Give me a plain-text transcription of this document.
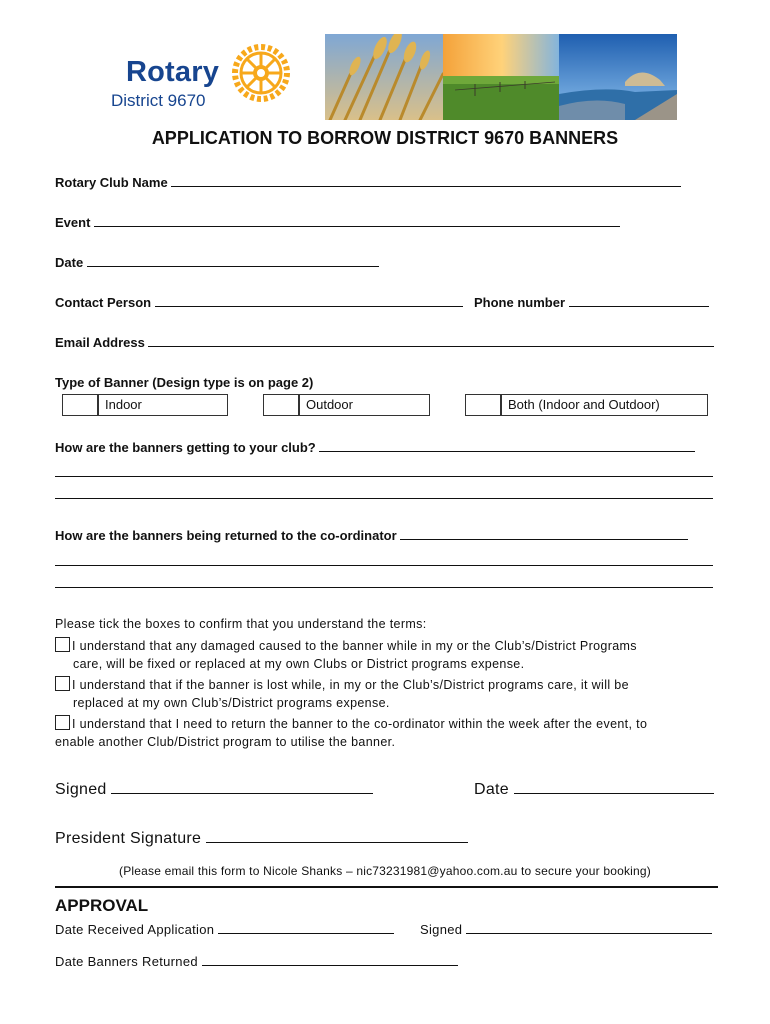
Rotary
District 9670
APPLICATION TO BORROW DISTRICT 9670 BANNERS
Rotary Club Name
Event
Date
Contact Person	Phone number
Email Address
Type of Banner (Design type is on page 2)
Indoor	Outdoor	Both (Indoor and Outdoor)
How are the banners getting to your club?
How are the banners being returned to the co-ordinator
Please tick the boxes to confirm that you understand the terms:
I understand that any damaged caused to the banner while in my or the Club’s/District Programs
care, will be fixed or replaced at my own Clubs or District programs expense.
I understand that if the banner is lost while, in my or the Club’s/District programs care, it will be
replaced at my own Club’s/District programs expense.
I understand that I need to return the banner to the co-ordinator within the week after the event, to
enable another Club/District program to utilise the banner.
Signed	Date
President Signature
(Please email this form to Nicole Shanks – nic73231981@yahoo.com.au to secure your booking)
APPROVAL
Date Received Application	Signed
Date Banners Returned
